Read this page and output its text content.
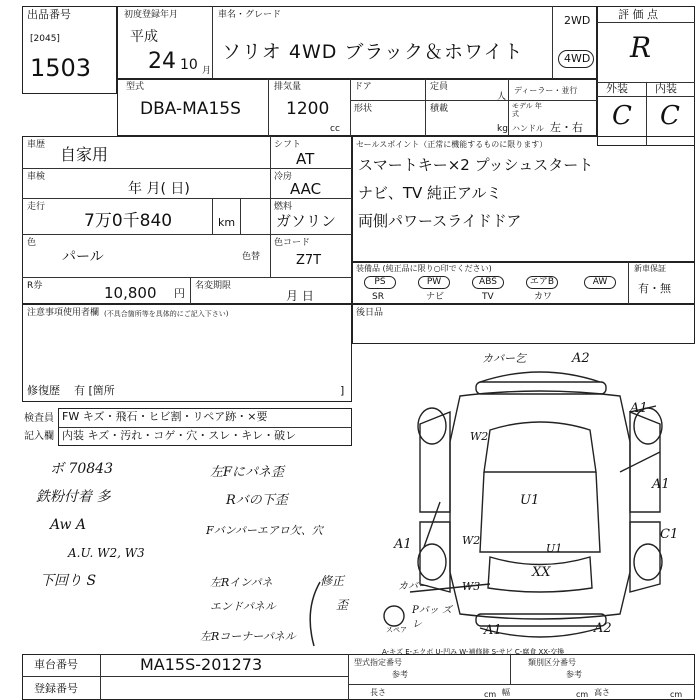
出品番号
[2045]
1503
初度登録年月
平成
24 10 月
車名・グレード
ソリオ 4WD ブラック＆ホワイト
2WD
4WD
評 価 点
R
外装 内装
C C
型式
DBA-MA15S
排気量
1200
cc
ドア	定員
人
ディーラー・並行
形状	積載
kg
モデル 年式
ハンドル 左・右
車歴 自家用
車検
年 月( 日)
走行
7万0千840	km
色
パール	色替
R券	10,800 円
名変期限
月 日
シフト
AT
冷房
AAC
燃料
ガソリン
色コード
Z7T
セールスポイント（正常に機能するものに限ります）
スマートキー×2 プッシュスタート
ナビ、TV 純正アルミ
両側パワースライドドア
装備品 (純正品に限り○印でください)
PS	PW	ABS	エアB	AW
SR	ナビ	TV	カワ
新車保証
有・無
注意事項使用者欄 (不具合箇所等を具体的にご記入下さい)
修復歴 有 [箇所	]
後日品
検査員
記入欄
FW キズ・飛石・ヒビ割・リペア跡・×要
内装 キズ・汚れ・コゲ・穴・スレ・キレ・破レ
ボ 70843
鉄粉付着 多
Aw A
A.U. W2, W3
下回り S
左Fにパネ歪
Rバの下歪
Fバンパーエアロ欠、穴
左Rインパネ
エンドパネル
左Rコーナーパネル
修正
歪
カバー乞	A2
A1
A1
W2
U1
A1	W2
U1
C1
XX
W3
カバー
Pバッ ズレ	A1	A2
スペア
A-キズ E-エクボ U-凹み W-補修跡 S-サビ C-腐食 XX-交換
車台番号	MA15S-201273
登録番号
型式指定番号
参考
類別区分番号
参考
長さ	cm 幅	cm 高さ	cm
